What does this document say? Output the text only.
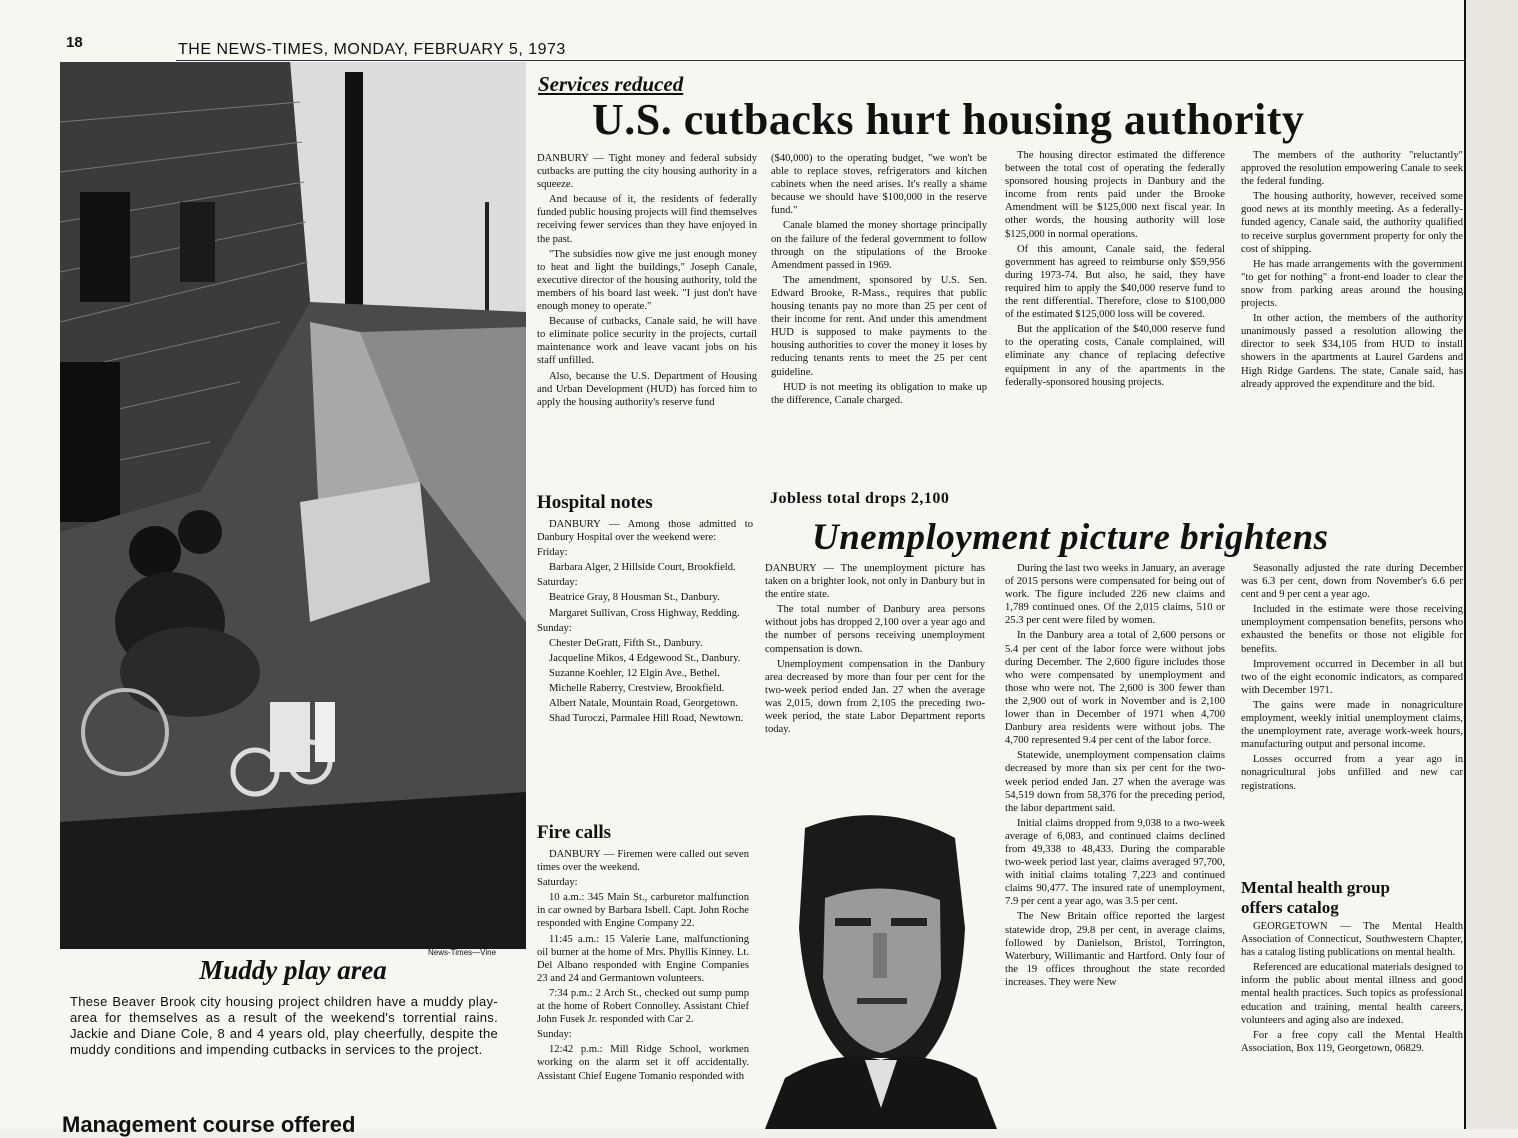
18	THE NEWS-TIMES, MONDAY, FEBRUARY 5, 1973
News-Times—Vine
Muddy play area
These Beaver Brook city housing project children have a muddy play-area for themselves as a result of the weekend's torrential rains. Jackie and Diane Cole, 8 and 4 years old, play cheerfully, despite the muddy conditions and impending cutbacks in services to the project.
Management course offered
Services reduced
U.S. cutbacks hurt housing authority

DANBURY — Tight money and federal subsidy cutbacks are putting the city housing authority in a squeeze.

And because of it, the residents of federally funded public housing projects will find themselves receiving fewer services than they have enjoyed in the past.

"The subsidies now give me just enough money to heat and light the buildings," Joseph Canale, executive director of the housing authority, told the members of his board last week. "I just don't have enough money to operate."

Because of cutbacks, Canale said, he will have to eliminate police security in the projects, curtail maintenance work and leave vacant jobs on his staff unfilled.

Also, because the U.S. Department of Housing and Urban Development (HUD) has forced him to apply the housing authority's reserve fund

($40,000) to the operating budget, "we won't be able to replace stoves, refrigerators and kitchen cabinets when the need arises. It's really a shame because we should have $100,000 in the reserve fund."

Canale blamed the money shortage principally on the failure of the federal government to follow through on the stipulations of the Brooke Amendment passed in 1969.

The amendment, sponsored by U.S. Sen. Edward Brooke, R-Mass., requires that public housing tenants pay no more than 25 per cent of their income for rent. And under this amendment HUD is supposed to make payments to the housing authorities to cover the money it loses by reducing tenants rents to meet the 25 per cent guideline.

HUD is not meeting its obligation to make up the difference, Canale charged.

The housing director estimated the difference between the total cost of operating the federally sponsored housing projects in Danbury and the income from rents paid under the Brooke Amendment will be $125,000 next fiscal year. In other words, the housing authority will lose $125,000 in normal operations.

Of this amount, Canale said, the federal government has agreed to reimburse only $59,956 during 1973-74. But also, he said, they have required him to apply the $40,000 reserve fund to the rent differential. Therefore, close to $100,000 of the estimated $125,000 loss will be covered.

But the application of the $40,000 reserve fund to the operating costs, Canale complained, will eliminate any chance of replacing defective equipment in any of the apartments in the federally-sponsored housing projects.

The members of the authority "reluctantly" approved the resolution empowering Canale to seek the federal funding.

The housing authority, however, received some good news at its monthly meeting. As a federally-funded agency, Canale said, the authority qualified to receive surplus government property for only the cost of shipping.

He has made arrangements with the government "to get for nothing" a front-end loader to clear the snow from parking areas around the housing projects.

In other action, the members of the authority unanimously passed a resolution allowing the director to seek $34,105 from HUD to install showers in the apartments at Laurel Gardens and High Ridge Gardens. The state, Canale said, has already approved the expenditure and the bid.

Hospital notes

DANBURY — Among those admitted to Danbury Hospital over the weekend were:

Friday:

Barbara Alger, 2 Hillside Court, Brookfield.

Saturday:

Beatrice Gray, 8 Housman St., Danbury.

Margaret Sullivan, Cross Highway, Redding.

Sunday:

Chester DeGratt, Fifth St., Danbury.

Jacqueline Mikos, 4 Edgewood St., Danbury.

Suzanne Koehler, 12 Elgin Ave., Bethel.

Michelle Raberry, Crestview, Brookfield.

Albert Natale, Mountain Road, Georgetown.

Shad Turoczi, Parmalee Hill Road, Newtown.

Fire calls

DANBURY — Firemen were called out seven times over the weekend.

Saturday:

10 a.m.: 345 Main St., carburetor malfunction in car owned by Barbara Isbell. Capt. John Roche responded with Engine Company 22.

11:45 a.m.: 15 Valerie Lane, malfunctioning oil burner at the home of Mrs. Phyllis Kinney. Lt. Del Albano responded with Engine Companies 23 and 24 and Germantown volunteers.

7:34 p.m.: 2 Arch St., checked out sump pump at the home of Robert Connolley. Assistant Chief John Fusek Jr. responded with Car 2.

Sunday:

12:42 p.m.: Mill Ridge School, workmen working on the alarm set it off accidentally. Assistant Chief Eugene Tomanio responded with

Jobless total drops 2,100
Unemployment picture brightens

DANBURY — The unemployment picture has taken on a brighter look, not only in Danbury but in the entire state.

The total number of Danbury area persons without jobs has dropped 2,100 over a year ago and the number of persons receiving unemployment compensation is down.

Unemployment compensation in the Danbury area decreased by more than four per cent for the two-week period ended Jan. 27 when the average was 2,015, down from 2,105 the preceding two-week period, the state Labor Department reports today.

During the last two weeks in January, an average of 2015 persons were compensated for being out of work. The figure included 226 new claims and 1,789 continued ones. Of the 2,015 claims, 510 or 25.3 per cent were filed by women.

In the Danbury area a total of 2,600 persons or 5.4 per cent of the labor force were without jobs during December. The 2,600 figure includes those who were compensated by unemployment and those who were not. The 2,600 is 300 fewer than the 2,900 out of work in November and is 2,100 lower than in December of 1971 when 4,700 Danbury area residents were without jobs. The 4,700 represented 9.4 per cent of the labor force.

Statewide, unemployment compensation claims decreased by more than six per cent for the two-week period ended Jan. 27 when the average was 54,519 down from 58,376 for the preceding period, the labor department said.

Initial claims dropped from 9,038 to a two-week average of 6,083, and continued claims declined from 49,338 to 48,433. During the comparable two-week period last year, claims averaged 97,700, with initial claims totaling 7,223 and continued claims 90,477. The insured rate of unemployment, 7.9 per cent a year ago, was 3.5 per cent.

The New Britain office reported the largest statewide drop, 29.8 per cent, in average claims, followed by Danielson, Bristol, Torrington, Waterbury, Willimantic and Hartford. Only four of the 19 offices throughout the state recorded increases. They were New

Seasonally adjusted the rate during December was 6.3 per cent, down from November's 6.6 per cent and 9 per cent a year ago.

Included in the estimate were those receiving unemployment compensation benefits, persons who exhausted the benefits or those not eligible for benefits.

Improvement occurred in December in all but two of the eight economic indicators, as compared with December 1971.

The gains were made in nonagriculture employment, weekly initial unemployment claims, the unemployment rate, average work-week hours, manufacturing output and personal income.

Losses occurred from a year ago in nonagricultural jobs unfilled and new car registrations.

Mental health group
offers catalog

GEORGETOWN — The Mental Health Association of Connecticut, Southwestern Chapter, has a catalog listing publications on mental health.

Referenced are educational materials designed to inform the public about mental illness and good mental health practices. Such topics as professional education and training, mental health careers, volunteers and aging also are indexed.

For a free copy call the Mental Health Association, Box 119, Georgetown, 06829.
